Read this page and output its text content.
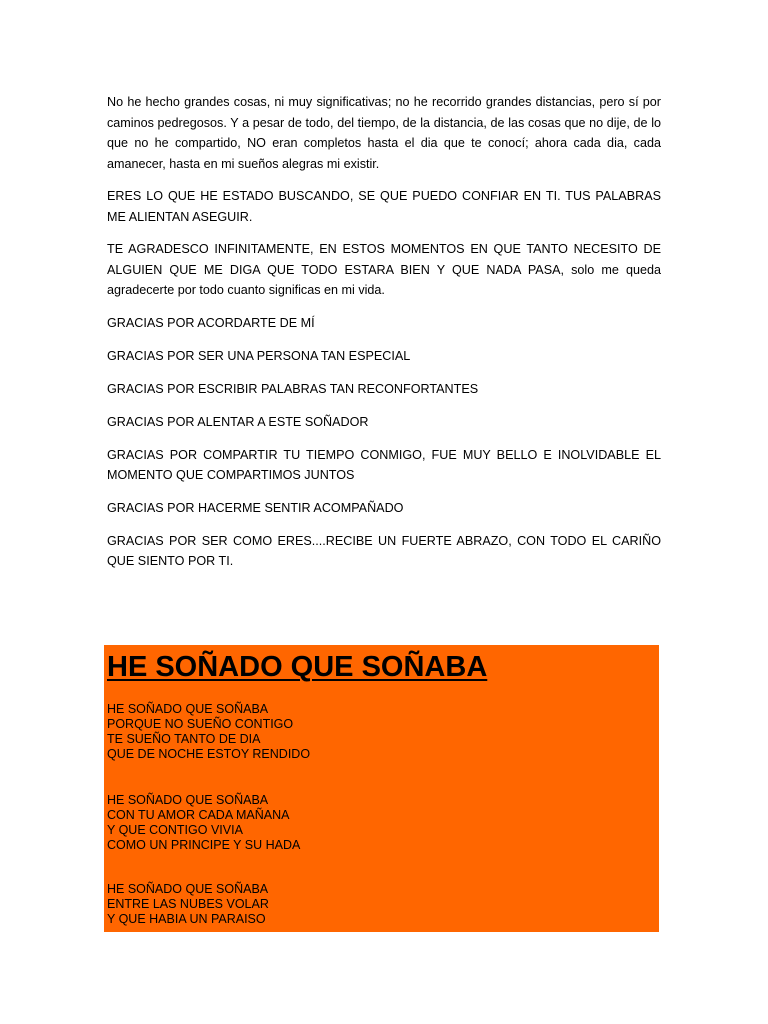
No he hecho grandes cosas, ni muy significativas; no he recorrido grandes distancias, pero sí por caminos pedregosos. Y a pesar de todo, del tiempo, de la distancia, de las cosas que no dije, de lo que no he compartido, NO eran completos hasta el dia que te conocí; ahora cada dia, cada amanecer, hasta en mi sueños alegras mi existir.

ERES LO QUE HE ESTADO BUSCANDO, SE QUE PUEDO CONFIAR EN TI. TUS PALABRAS ME ALIENTAN ASEGUIR.

TE AGRADESCO INFINITAMENTE, EN ESTOS MOMENTOS EN QUE TANTO NECESITO DE ALGUIEN QUE ME DIGA QUE TODO ESTARA BIEN Y QUE NADA PASA, solo me queda agradecerte por todo cuanto significas en mi vida.

GRACIAS POR ACORDARTE DE MÍ

GRACIAS POR SER UNA PERSONA TAN ESPECIAL

GRACIAS POR ESCRIBIR PALABRAS TAN RECONFORTANTES

GRACIAS POR ALENTAR A ESTE SOÑADOR

GRACIAS POR COMPARTIR TU TIEMPO CONMIGO, FUE MUY BELLO E INOLVIDABLE EL MOMENTO QUE COMPARTIMOS JUNTOS

GRACIAS POR HACERME SENTIR ACOMPAÑADO

GRACIAS POR SER COMO ERES....RECIBE UN FUERTE ABRAZO, CON TODO EL CARIÑO QUE SIENTO POR TI.

HE SOÑADO QUE SOÑABA
HE SOÑADO QUE SOÑABA
PORQUE NO SUEÑO CONTIGO
TE SUEÑO TANTO DE DIA
QUE DE NOCHE ESTOY RENDIDO
HE SOÑADO QUE SOÑABA
CON TU AMOR CADA MAÑANA
Y QUE CONTIGO VIVIA
COMO UN PRINCIPE Y SU HADA
HE SOÑADO QUE SOÑABA
ENTRE LAS NUBES VOLAR
Y QUE HABIA UN PARAISO
